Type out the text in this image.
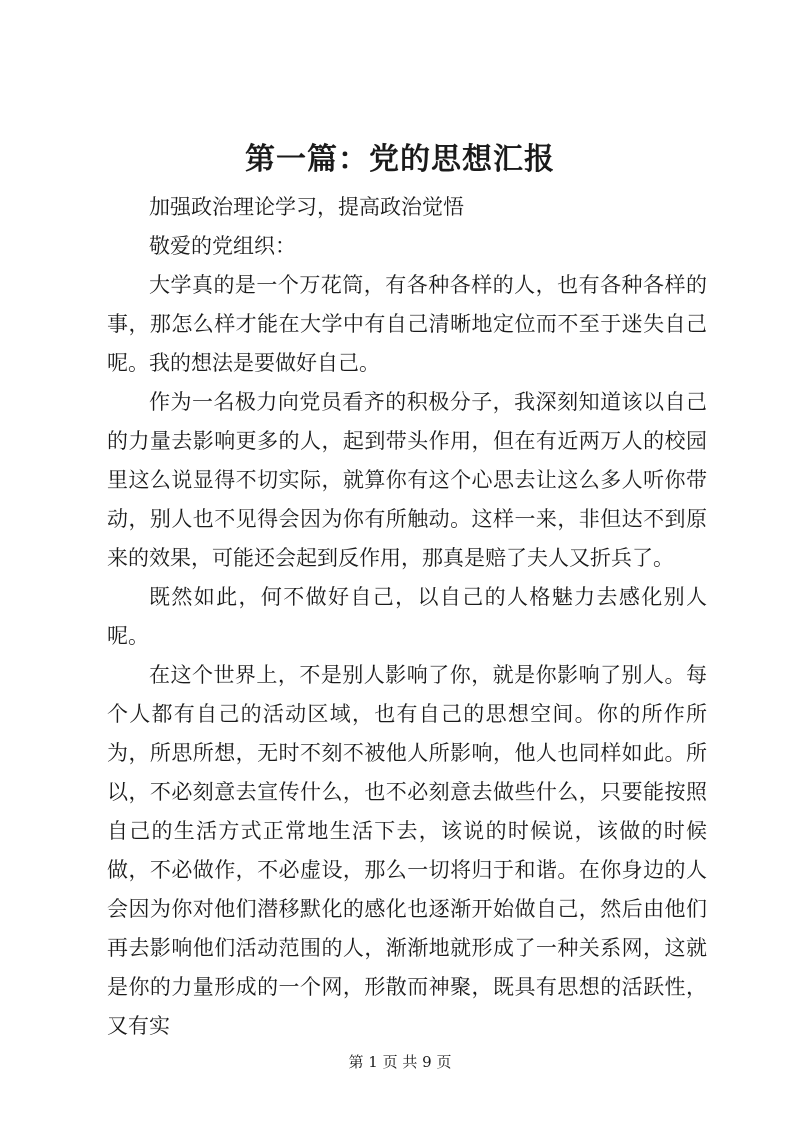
第一篇：党的思想汇报

加强政治理论学习，提高政治觉悟

敬爱的党组织：

大学真的是一个万花筒，有各种各样的人，也有各种各样的事，那怎么样才能在大学中有自己清晰地定位而不至于迷失自己呢。我的想法是要做好自己。

作为一名极力向党员看齐的积极分子，我深刻知道该以自己的力量去影响更多的人，起到带头作用，但在有近两万人的校园里这么说显得不切实际，就算你有这个心思去让这么多人听你带动，别人也不见得会因为你有所触动。这样一来，非但达不到原来的效果，可能还会起到反作用，那真是赔了夫人又折兵了。

既然如此，何不做好自己，以自己的人格魅力去感化别人呢。

在这个世界上，不是别人影响了你，就是你影响了别人。每个人都有自己的活动区域，也有自己的思想空间。你的所作所为，所思所想，无时不刻不被他人所影响，他人也同样如此。所以，不必刻意去宣传什么，也不必刻意去做些什么，只要能按照自己的生活方式正常地生活下去，该说的时候说，该做的时候做，不必做作，不必虚设，那么一切将归于和谐。在你身边的人会因为你对他们潜移默化的感化也逐渐开始做自己，然后由他们再去影响他们活动范围的人，渐渐地就形成了一种关系网，这就是你的力量形成的一个网，形散而神聚，既具有思想的活跃性，又有实

第 1 页 共 9 页
